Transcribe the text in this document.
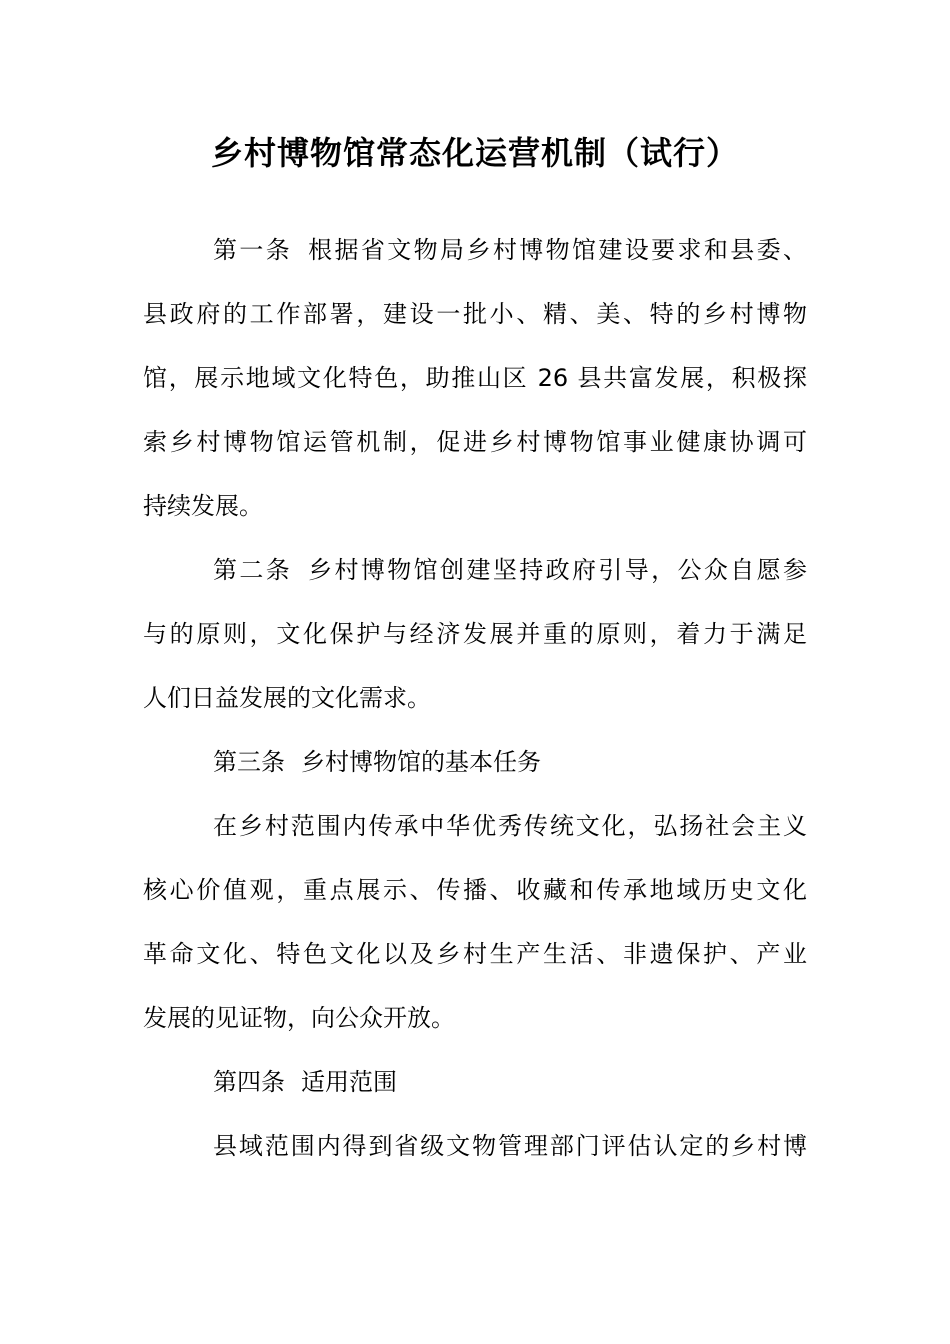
乡村博物馆常态化运营机制（试行）
第一条 根据省文物局乡村博物馆建设要求和县委、
县政府的工作部署，建设一批小、精、美、特的乡村博物
馆，展示地域文化特色，助推山区 26 县共富发展，积极探
索乡村博物馆运管机制，促进乡村博物馆事业健康协调可
持续发展。
第二条 乡村博物馆创建坚持政府引导，公众自愿参
与的原则，文化保护与经济发展并重的原则，着力于满足
人们日益发展的文化需求。
第三条 乡村博物馆的基本任务
在乡村范围内传承中华优秀传统文化，弘扬社会主义
核心价值观，重点展示、传播、收藏和传承地域历史文化
革命文化、特色文化以及乡村生产生活、非遗保护、产业
发展的见证物，向公众开放。
第四条 适用范围
县域范围内得到省级文物管理部门评估认定的乡村博
